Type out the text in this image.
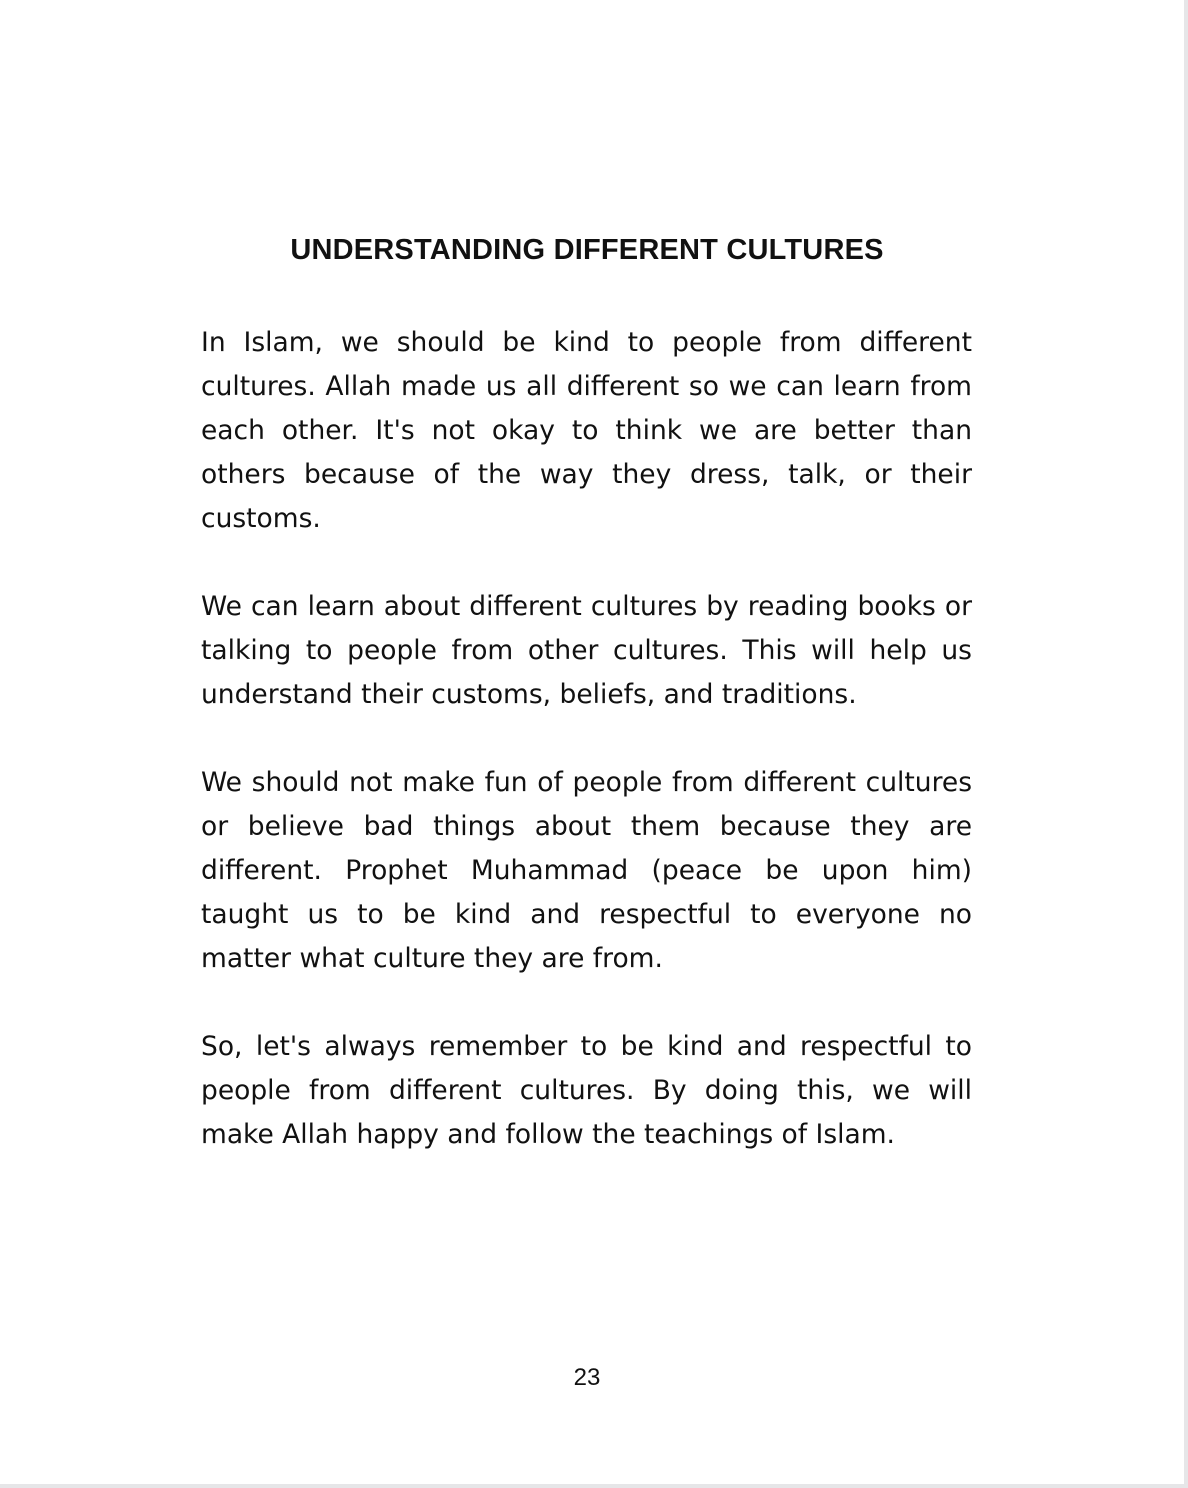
UNDERSTANDING DIFFERENT CULTURES

In Islam, we should be kind to people from different cultures. Allah made us all different so we can learn from each other. It's not okay to think we are better than others because of the way they dress, talk, or their customs.

We can learn about different cultures by reading books or talking to people from other cultures. This will help us understand their customs, beliefs, and traditions.

We should not make fun of people from different cultures or believe bad things about them because they are different. Prophet Muhammad (peace be upon him) taught us to be kind and respectful to everyone no matter what culture they are from.

So, let's always remember to be kind and respectful to people from different cultures. By doing this, we will make Allah happy and follow the teachings of Islam.

23
